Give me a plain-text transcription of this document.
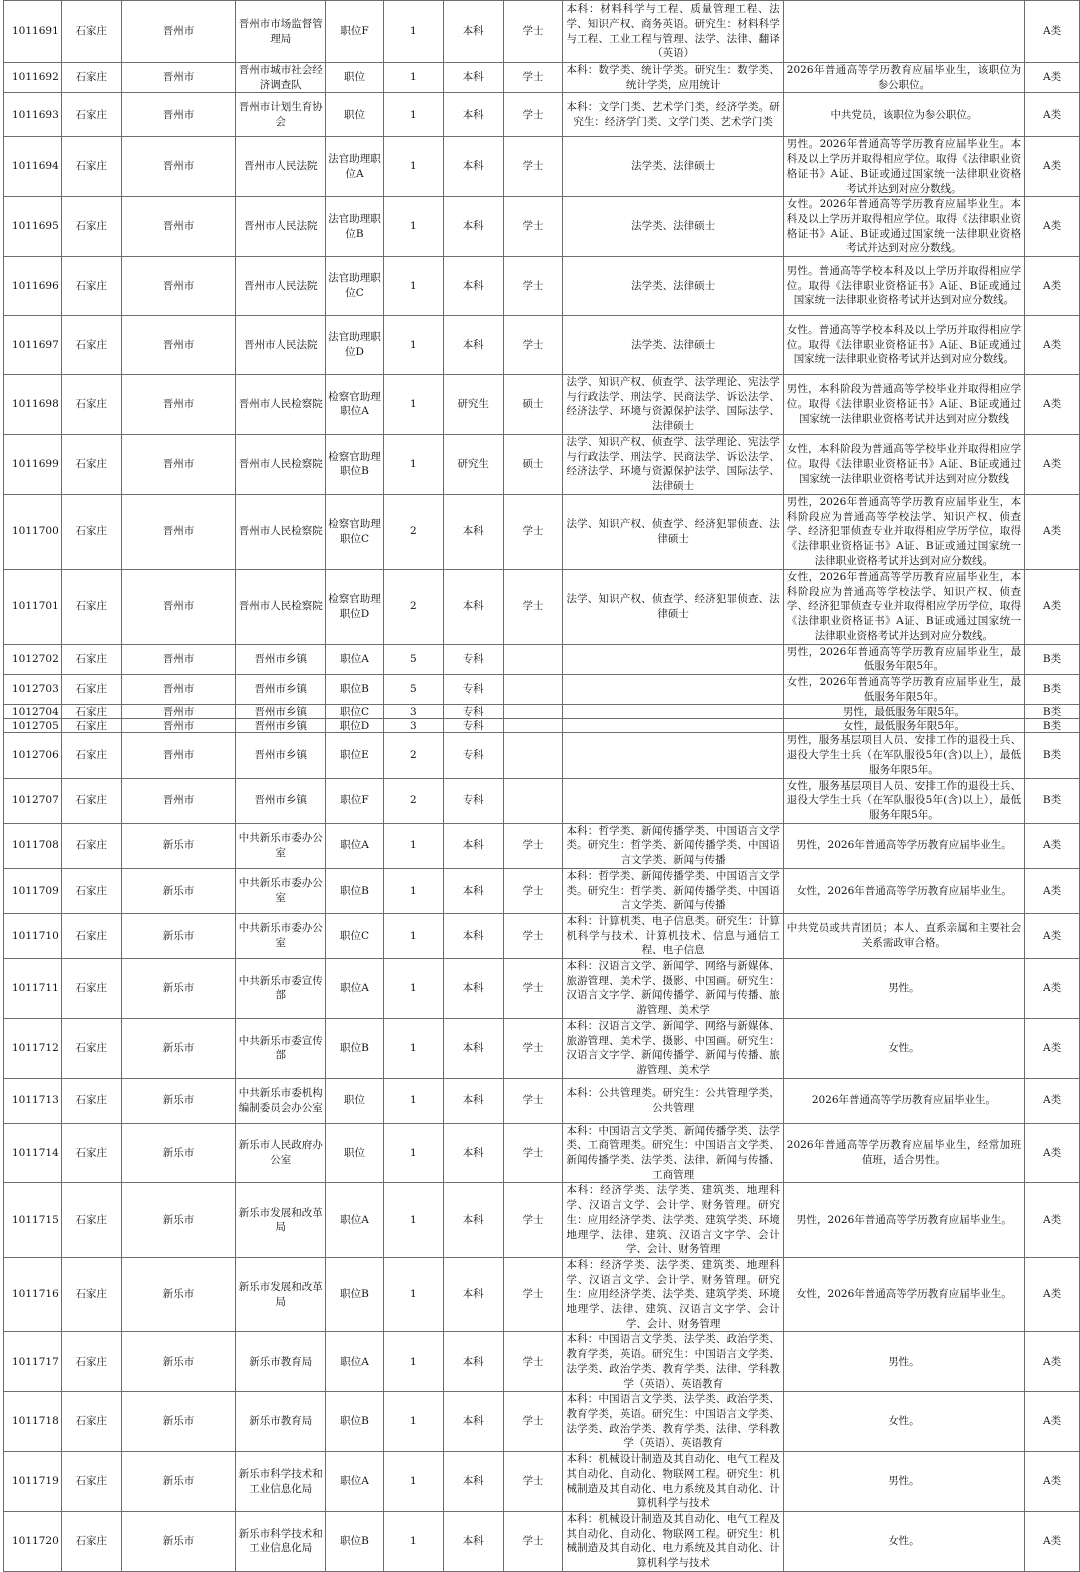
1011691	石家庄	晋州市	晋州市市场监督管理局	职位F	1	本科	学士	本科：材料科学与工程、质量管理工程、法学、知识产权、商务英语。研究生：材料科学与工程、工业工程与管理、法学、法律、翻译（英语）		A类
1011692	石家庄	晋州市	晋州市城市社会经济调查队	职位	1	本科	学士	本科：数学类、统计学类。研究生：数学类、统计学类，应用统计	2026年普通高等学历教育应届毕业生，该职位为参公职位。	A类
1011693	石家庄	晋州市	晋州市计划生育协会	职位	1	本科	学士	本科：文学门类、艺术学门类，经济学类。研究生：经济学门类、文学门类、艺术学门类	中共党员，该职位为参公职位。	A类
1011694	石家庄	晋州市	晋州市人民法院	法官助理职位A	1	本科	学士	法学类、法律硕士	男性。2026年普通高等学历教育应届毕业生。本科及以上学历并取得相应学位。取得《法律职业资格证书》A证、B证或通过国家统一法律职业资格考试并达到对应分数线。	A类
1011695	石家庄	晋州市	晋州市人民法院	法官助理职位B	1	本科	学士	法学类、法律硕士	女性。2026年普通高等学历教育应届毕业生。本科及以上学历并取得相应学位。取得《法律职业资格证书》A证、B证或通过国家统一法律职业资格考试并达到对应分数线。	A类
1011696	石家庄	晋州市	晋州市人民法院	法官助理职位C	1	本科	学士	法学类、法律硕士	男性。普通高等学校本科及以上学历并取得相应学位。取得《法律职业资格证书》A证、B证或通过国家统一法律职业资格考试并达到对应分数线。	A类
1011697	石家庄	晋州市	晋州市人民法院	法官助理职位D	1	本科	学士	法学类、法律硕士	女性。普通高等学校本科及以上学历并取得相应学位。取得《法律职业资格证书》A证、B证或通过国家统一法律职业资格考试并达到对应分数线。	A类
1011698	石家庄	晋州市	晋州市人民检察院	检察官助理职位A	1	研究生	硕士	法学、知识产权、侦查学、法学理论、宪法学与行政法学、刑法学、民商法学、诉讼法学、经济法学、环境与资源保护法学、国际法学、法律硕士	男性，本科阶段为普通高等学校毕业并取得相应学位。取得《法律职业资格证书》A证、B证或通过国家统一法律职业资格考试并达到对应分数线	A类
1011699	石家庄	晋州市	晋州市人民检察院	检察官助理职位B	1	研究生	硕士	法学、知识产权、侦查学、法学理论、宪法学与行政法学、刑法学、民商法学、诉讼法学、经济法学、环境与资源保护法学、国际法学、法律硕士	女性，本科阶段为普通高等学校毕业并取得相应学位。取得《法律职业资格证书》A证、B证或通过国家统一法律职业资格考试并达到对应分数线	A类
1011700	石家庄	晋州市	晋州市人民检察院	检察官助理职位C	2	本科	学士	法学、知识产权、侦查学、经济犯罪侦查、法律硕士	男性，2026年普通高等学历教育应届毕业生，本科阶段应为普通高等学校法学、知识产权、侦查学、经济犯罪侦查专业并取得相应学历学位，取得《法律职业资格证书》A证、B证或通过国家统一法律职业资格考试并达到对应分数线。	A类
1011701	石家庄	晋州市	晋州市人民检察院	检察官助理职位D	2	本科	学士	法学、知识产权、侦查学、经济犯罪侦查、法律硕士	女性，2026年普通高等学历教育应届毕业生，本科阶段应为普通高等学校法学、知识产权、侦查学、经济犯罪侦查专业并取得相应学历学位，取得《法律职业资格证书》A证、B证或通过国家统一法律职业资格考试并达到对应分数线。	A类
1012702	石家庄	晋州市	晋州市乡镇	职位A	5	专科			男性，2026年普通高等学历教育应届毕业生，最低服务年限5年。	B类
1012703	石家庄	晋州市	晋州市乡镇	职位B	5	专科			女性，2026年普通高等学历教育应届毕业生，最低服务年限5年。	B类
1012704	石家庄	晋州市	晋州市乡镇	职位C	3	专科			男性，最低服务年限5年。	B类
1012705	石家庄	晋州市	晋州市乡镇	职位D	3	专科			女性，最低服务年限5年。	B类
1012706	石家庄	晋州市	晋州市乡镇	职位E	2	专科			男性，服务基层项目人员、安排工作的退役士兵、退役大学生士兵（在军队服役5年(含)以上），最低服务年限5年。	B类
1012707	石家庄	晋州市	晋州市乡镇	职位F	2	专科			女性，服务基层项目人员、安排工作的退役士兵、退役大学生士兵（在军队服役5年(含)以上），最低服务年限5年。	B类
1011708	石家庄	新乐市	中共新乐市委办公室	职位A	1	本科	学士	本科：哲学类、新闻传播学类、中国语言文学类。研究生：哲学类、新闻传播学类、中国语言文学类、新闻与传播	男性，2026年普通高等学历教育应届毕业生。	A类
1011709	石家庄	新乐市	中共新乐市委办公室	职位B	1	本科	学士	本科：哲学类、新闻传播学类、中国语言文学类。研究生：哲学类、新闻传播学类、中国语言文学类、新闻与传播	女性，2026年普通高等学历教育应届毕业生。	A类
1011710	石家庄	新乐市	中共新乐市委办公室	职位C	1	本科	学士	本科：计算机类、电子信息类。研究生：计算机科学与技术、计算机技术、信息与通信工程、电子信息	中共党员或共青团员；本人、直系亲属和主要社会关系需政审合格。	A类
1011711	石家庄	新乐市	中共新乐市委宣传部	职位A	1	本科	学士	本科：汉语言文学、新闻学、网络与新媒体、旅游管理、美术学、摄影、中国画。研究生：汉语言文字学、新闻传播学、新闻与传播、旅游管理、美术学	男性。	A类
1011712	石家庄	新乐市	中共新乐市委宣传部	职位B	1	本科	学士	本科：汉语言文学、新闻学、网络与新媒体、旅游管理、美术学、摄影、中国画。研究生：汉语言文字学、新闻传播学、新闻与传播、旅游管理、美术学	女性。	A类
1011713	石家庄	新乐市	中共新乐市委机构编制委员会办公室	职位	1	本科	学士	本科：公共管理类。研究生：公共管理学类，公共管理	2026年普通高等学历教育应届毕业生。	A类
1011714	石家庄	新乐市	新乐市人民政府办公室	职位	1	本科	学士	本科：中国语言文学类、新闻传播学类、法学类、工商管理类。研究生：中国语言文学类、新闻传播学类、法学类、法律、新闻与传播、工商管理	2026年普通高等学历教育应届毕业生，经常加班值班，适合男性。	A类
1011715	石家庄	新乐市	新乐市发展和改革局	职位A	1	本科	学士	本科：经济学类、法学类、建筑类、地理科学、汉语言文学、会计学、财务管理。研究生：应用经济学类、法学类、建筑学类、环境地理学、法律、建筑、汉语言文字学、会计学、会计、财务管理	男性，2026年普通高等学历教育应届毕业生。	A类
1011716	石家庄	新乐市	新乐市发展和改革局	职位B	1	本科	学士	本科：经济学类、法学类、建筑类、地理科学、汉语言文学、会计学、财务管理。研究生：应用经济学类、法学类、建筑学类、环境地理学、法律、建筑、汉语言文字学、会计学、会计、财务管理	女性，2026年普通高等学历教育应届毕业生。	A类
1011717	石家庄	新乐市	新乐市教育局	职位A	1	本科	学士	本科：中国语言文学类、法学类、政治学类、教育学类，英语。研究生：中国语言文学类、法学类、政治学类、教育学类、法律、学科教学（英语）、英语教育	男性。	A类
1011718	石家庄	新乐市	新乐市教育局	职位B	1	本科	学士	本科：中国语言文学类、法学类、政治学类、教育学类，英语。研究生：中国语言文学类、法学类、政治学类、教育学类、法律、学科教学（英语）、英语教育	女性。	A类
1011719	石家庄	新乐市	新乐市科学技术和工业信息化局	职位A	1	本科	学士	本科：机械设计制造及其自动化、电气工程及其自动化、自动化、物联网工程。研究生：机械制造及其自动化、电力系统及其自动化、计算机科学与技术	男性。	A类
1011720	石家庄	新乐市	新乐市科学技术和工业信息化局	职位B	1	本科	学士	本科：机械设计制造及其自动化、电气工程及其自动化、自动化、物联网工程。研究生：机械制造及其自动化、电力系统及其自动化、计算机科学与技术	女性。	A类
